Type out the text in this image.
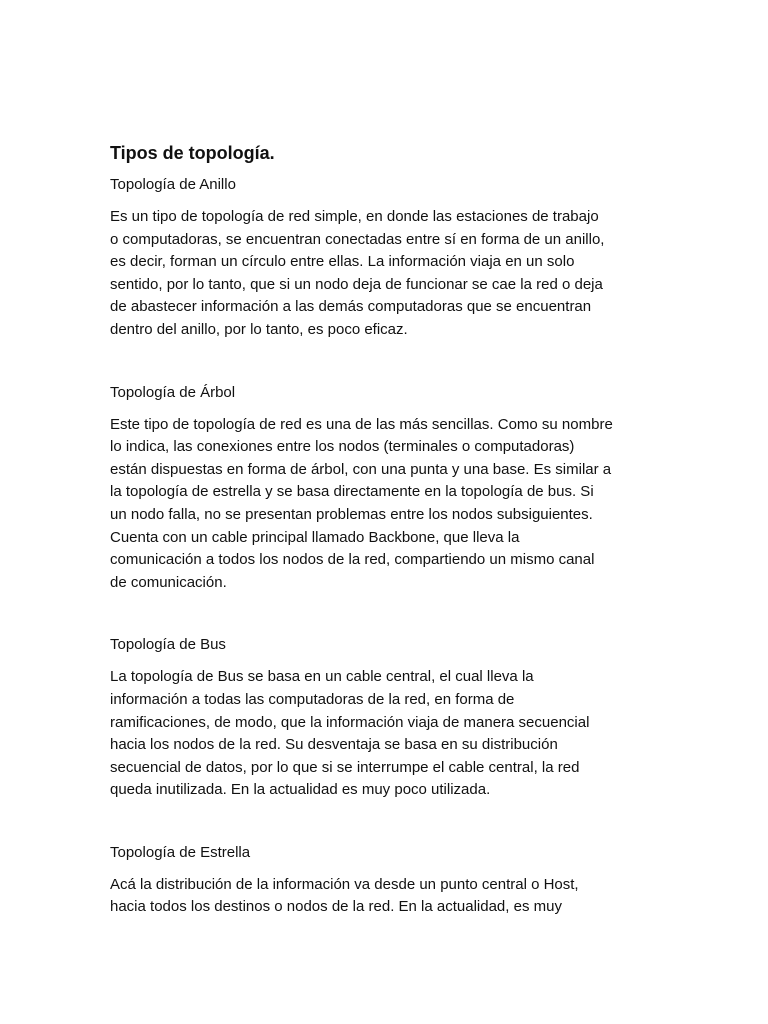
Tipos de topología.
Topología de Anillo

Es un tipo de topología de red simple, en donde las estaciones de trabajo
o computadoras, se encuentran conectadas entre sí en forma de un anillo,
es decir, forman un círculo entre ellas. La información viaja en un solo
sentido, por lo tanto, que si un nodo deja de funcionar se cae la red o deja
de abastecer información a las demás computadoras que se encuentran
dentro del anillo, por lo tanto, es poco eficaz.

Topología de Árbol

Este tipo de topología de red es una de las más sencillas. Como su nombre
lo indica, las conexiones entre los nodos (terminales o computadoras)
están dispuestas en forma de árbol, con una punta y una base. Es similar a
la topología de estrella y se basa directamente en la topología de bus. Si
un nodo falla, no se presentan problemas entre los nodos subsiguientes.
Cuenta con un cable principal llamado Backbone, que lleva la
comunicación a todos los nodos de la red, compartiendo un mismo canal
de comunicación.

Topología de Bus

La topología de Bus se basa en un cable central, el cual lleva la
información a todas las computadoras de la red, en forma de
ramificaciones, de modo, que la información viaja de manera secuencial
hacia los nodos de la red. Su desventaja se basa en su distribución
secuencial de datos, por lo que si se interrumpe el cable central, la red
queda inutilizada. En la actualidad es muy poco utilizada.

Topología de Estrella

Acá la distribución de la información va desde un punto central o Host,
hacia todos los destinos o nodos de la red. En la actualidad, es muy
